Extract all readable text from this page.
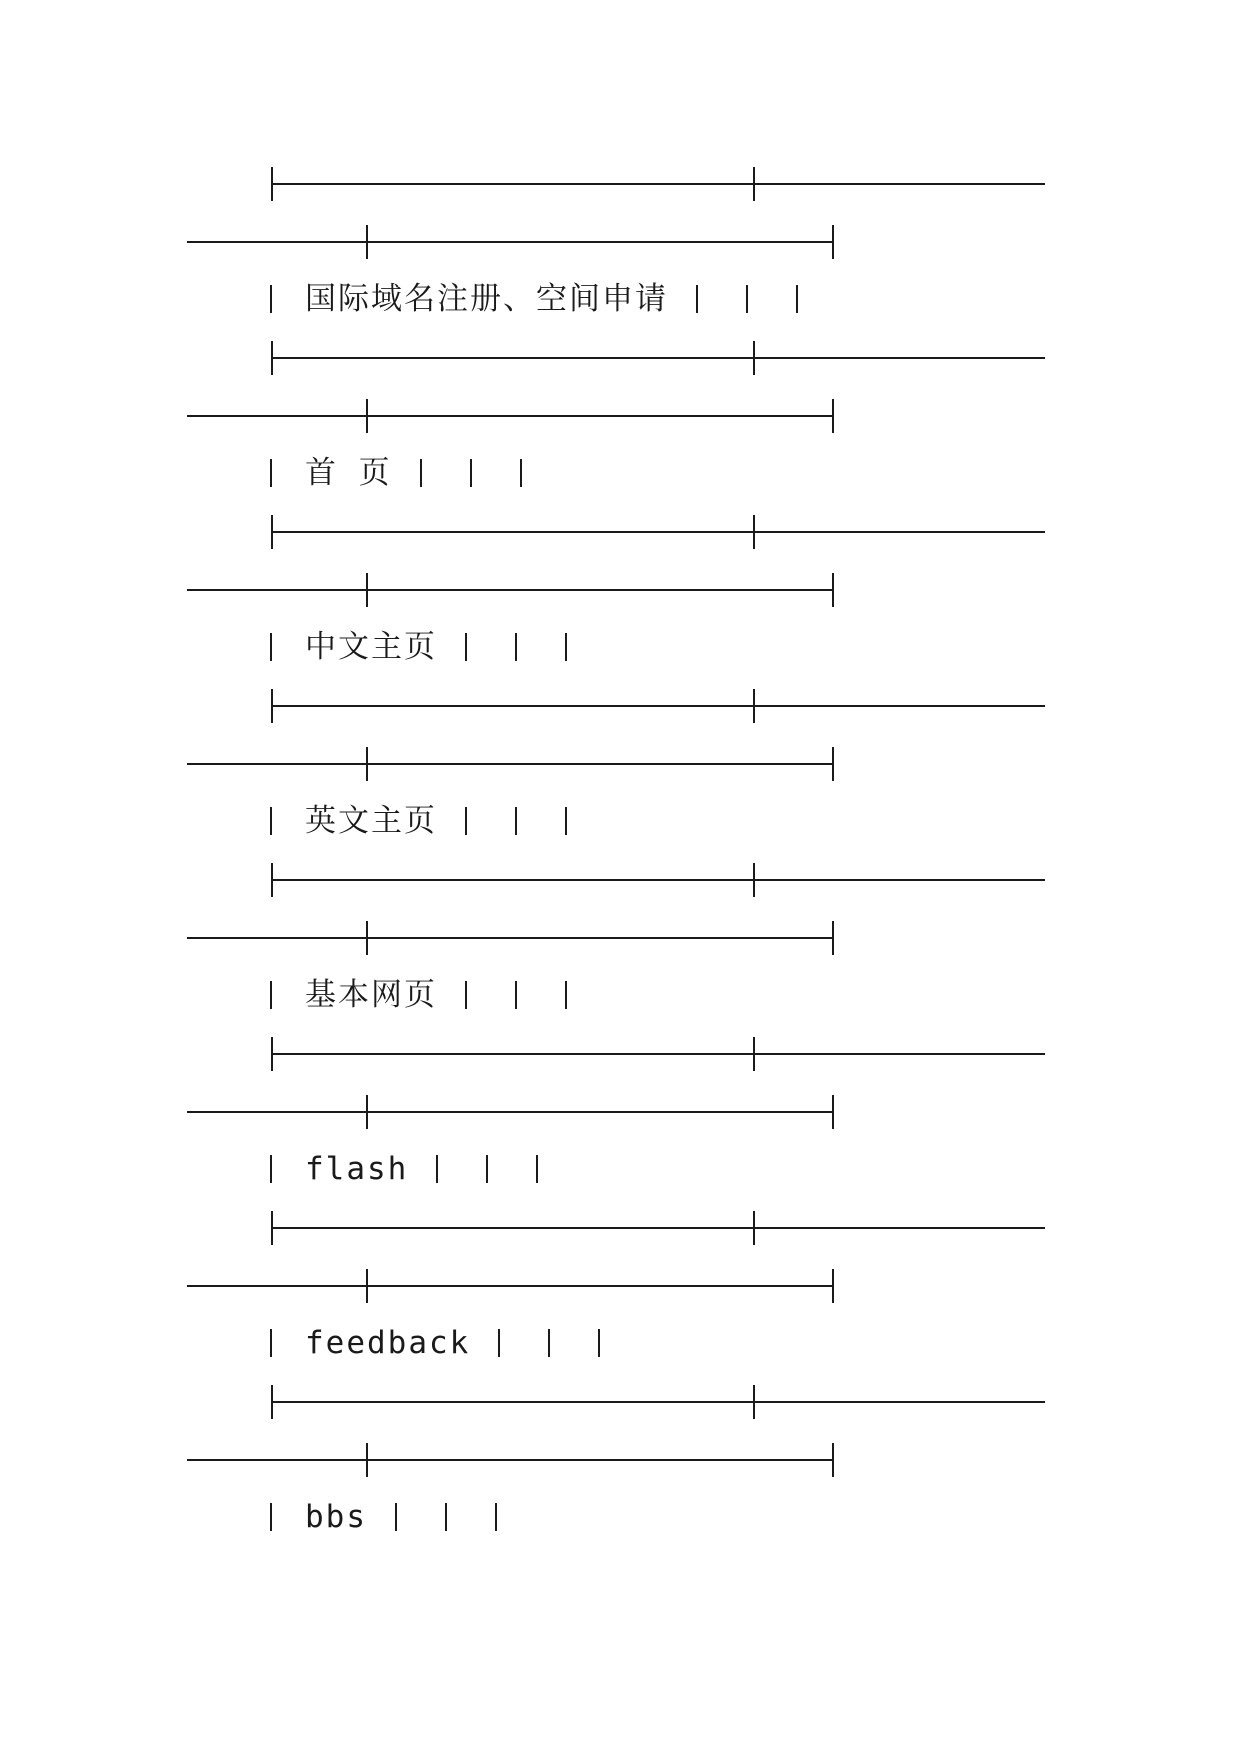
国际域名注册、空间申请
首 页
中文主页
英文主页
基本网页
flash
feedback
bbs
